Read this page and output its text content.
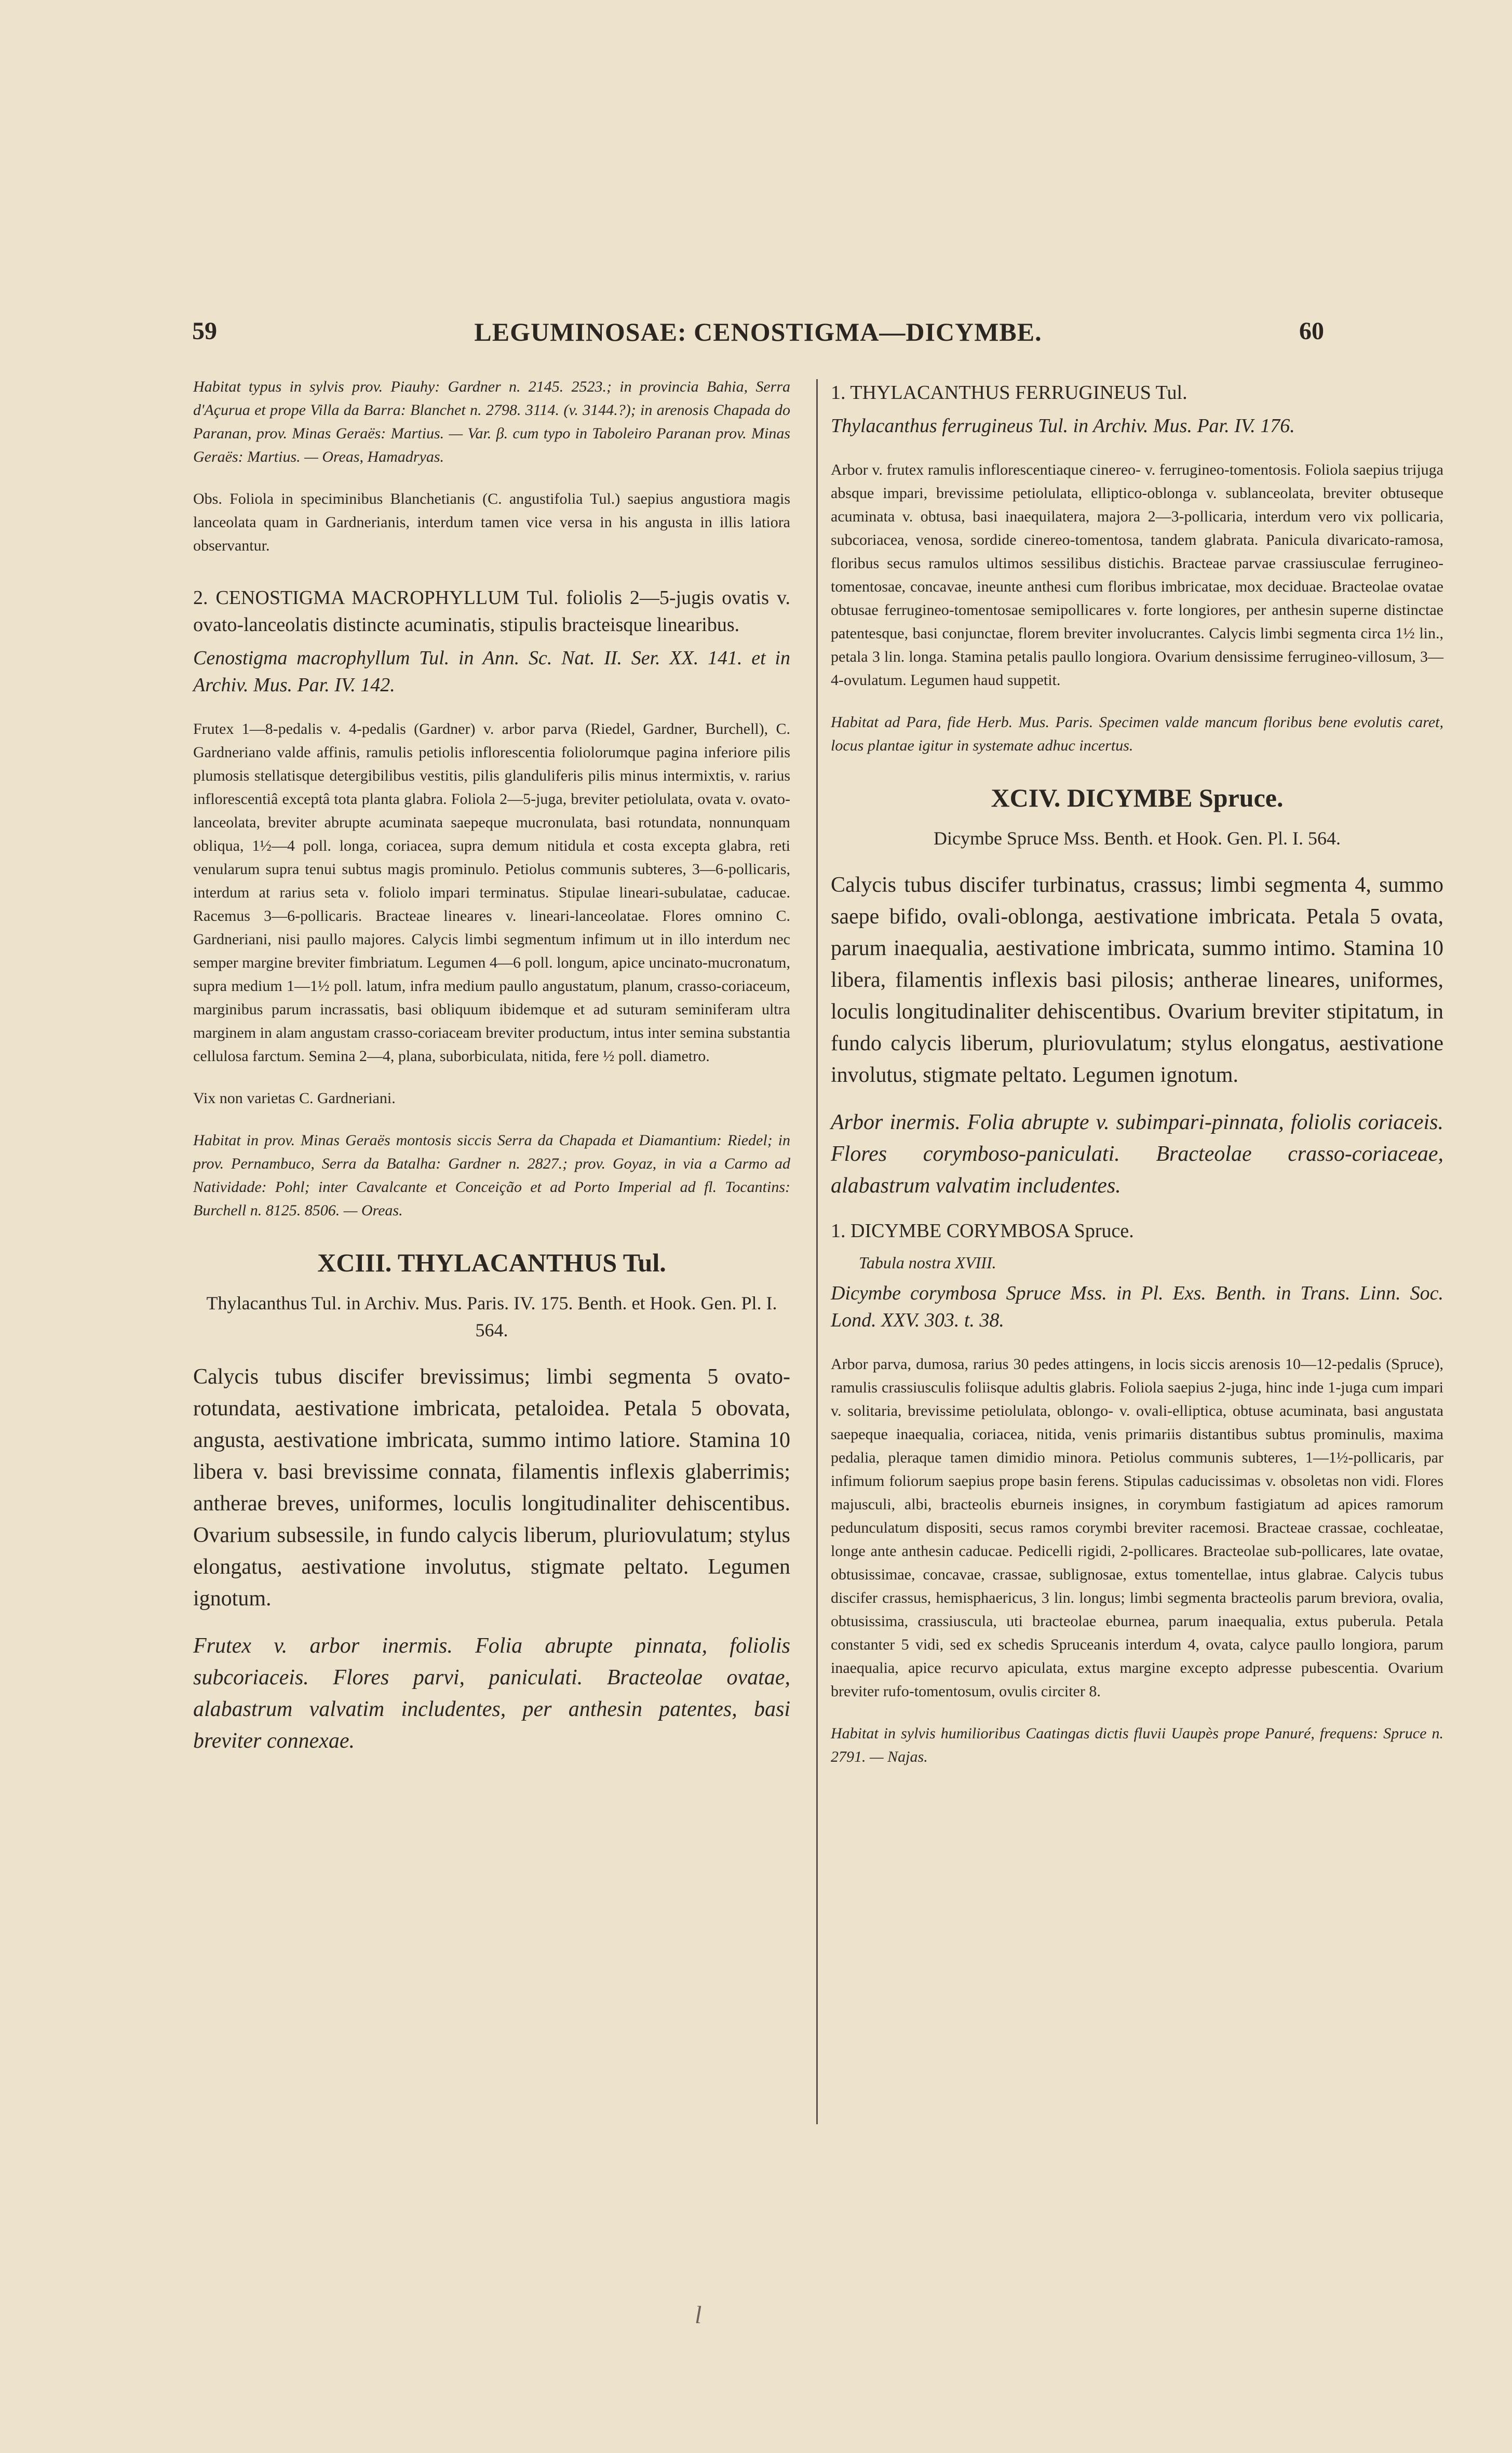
59	LEGUMINOSAE: CENOSTIGMA—DICYMBE.	60

Habitat typus in sylvis prov. Piauhy: Gardner n. 2145. 2523.; in provincia Bahia, Serra d'Açurua et prope Villa da Barra: Blanchet n. 2798. 3114. (v. 3144.?); in arenosis Chapada do Paranan, prov. Minas Geraës: Martius. — Var. β. cum typo in Taboleiro Paranan prov. Minas Geraës: Martius. — Oreas, Hamadryas.

Obs. Foliola in speciminibus Blanchetianis (C. angustifolia Tul.) saepius angustiora magis lanceolata quam in Gardnerianis, interdum tamen vice versa in his angusta in illis latiora observantur.

2. CENOSTIGMA MACROPHYLLUM Tul. foliolis 2—5-jugis ovatis v. ovato-lanceolatis distincte acuminatis, stipulis bracteisque linearibus.

Cenostigma macrophyllum Tul. in Ann. Sc. Nat. II. Ser. XX. 141. et in Archiv. Mus. Par. IV. 142.

Frutex 1—8-pedalis v. 4-pedalis (Gardner) v. arbor parva (Riedel, Gardner, Burchell), C. Gardneriano valde affinis, ramulis petiolis inflorescentia foliolorumque pagina inferiore pilis plumosis stellatisque detergibilibus vestitis, pilis glanduliferis pilis minus intermixtis, v. rarius inflorescentiâ exceptâ tota planta glabra. Foliola 2—5-juga, breviter petiolulata, ovata v. ovato-lanceolata, breviter abrupte acuminata saepeque mucronulata, basi rotundata, nonnunquam obliqua, 1½—4 poll. longa, coriacea, supra demum nitidula et costa excepta glabra, reti venularum supra tenui subtus magis prominulo. Petiolus communis subteres, 3—6-pollicaris, interdum at rarius seta v. foliolo impari terminatus. Stipulae lineari-subulatae, caducae. Racemus 3—6-pollicaris. Bracteae lineares v. lineari-lanceolatae. Flores omnino C. Gardneriani, nisi paullo majores. Calycis limbi segmentum infimum ut in illo interdum nec semper margine breviter fimbriatum. Legumen 4—6 poll. longum, apice uncinato-mucronatum, supra medium 1—1½ poll. latum, infra medium paullo angustatum, planum, crasso-coriaceum, marginibus parum incrassatis, basi obliquum ibidemque et ad suturam seminiferam ultra marginem in alam angustam crasso-coriaceam breviter productum, intus inter semina substantia cellulosa farctum. Semina 2—4, plana, suborbiculata, nitida, fere ½ poll. diametro.

Vix non varietas C. Gardneriani.

Habitat in prov. Minas Geraës montosis siccis Serra da Chapada et Diamantium: Riedel; in prov. Pernambuco, Serra da Batalha: Gardner n. 2827.; prov. Goyaz, in via a Carmo ad Natividade: Pohl; inter Cavalcante et Conceição et ad Porto Imperial ad fl. Tocantins: Burchell n. 8125. 8506. — Oreas.

XCIII. THYLACANTHUS Tul.

Thylacanthus Tul. in Archiv. Mus. Paris. IV. 175. Benth. et Hook. Gen. Pl. I. 564.

Calycis tubus discifer brevissimus; limbi segmenta 5 ovato-rotundata, aestivatione imbricata, petaloidea. Petala 5 obovata, angusta, aestivatione imbricata, summo intimo latiore. Stamina 10 libera v. basi brevissime connata, filamentis inflexis glaberrimis; antherae breves, uniformes, loculis longitudinaliter dehiscentibus. Ovarium subsessile, in fundo calycis liberum, pluriovulatum; stylus elongatus, aestivatione involutus, stigmate peltato. Legumen ignotum.

Frutex v. arbor inermis. Folia abrupte pinnata, foliolis subcoriaceis. Flores parvi, paniculati. Bracteolae ovatae, alabastrum valvatim includentes, per anthesin patentes, basi breviter connexae.

1. THYLACANTHUS FERRUGINEUS Tul.

Thylacanthus ferrugineus Tul. in Archiv. Mus. Par. IV. 176.

Arbor v. frutex ramulis inflorescentiaque cinereo- v. ferrugineo-tomentosis. Foliola saepius trijuga absque impari, brevissime petiolulata, elliptico-oblonga v. sublanceolata, breviter obtuseque acuminata v. obtusa, basi inaequilatera, majora 2—3-pollicaria, interdum vero vix pollicaria, subcoriacea, venosa, sordide cinereo-tomentosa, tandem glabrata. Panicula divaricato-ramosa, floribus secus ramulos ultimos sessilibus distichis. Bracteae parvae crassiusculae ferrugineo-tomentosae, concavae, ineunte anthesi cum floribus imbricatae, mox deciduae. Bracteolae ovatae obtusae ferrugineo-tomentosae semipollicares v. forte longiores, per anthesin superne distinctae patentesque, basi conjunctae, florem breviter involucrantes. Calycis limbi segmenta circa 1½ lin., petala 3 lin. longa. Stamina petalis paullo longiora. Ovarium densissime ferrugineo-villosum, 3—4-ovulatum. Legumen haud suppetit.

Habitat ad Para, fide Herb. Mus. Paris. Specimen valde mancum floribus bene evolutis caret, locus plantae igitur in systemate adhuc incertus.

XCIV. DICYMBE Spruce.

Dicymbe Spruce Mss. Benth. et Hook. Gen. Pl. I. 564.

Calycis tubus discifer turbinatus, crassus; limbi segmenta 4, summo saepe bifido, ovali-oblonga, aestivatione imbricata. Petala 5 ovata, parum inaequalia, aestivatione imbricata, summo intimo. Stamina 10 libera, filamentis inflexis basi pilosis; antherae lineares, uniformes, loculis longitudinaliter dehiscentibus. Ovarium breviter stipitatum, in fundo calycis liberum, pluriovulatum; stylus elongatus, aestivatione involutus, stigmate peltato. Legumen ignotum.

Arbor inermis. Folia abrupte v. subimpari-pinnata, foliolis coriaceis. Flores corymboso-paniculati. Bracteolae crasso-coriaceae, alabastrum valvatim includentes.

1. DICYMBE CORYMBOSA Spruce.

Tabula nostra XVIII.

Dicymbe corymbosa Spruce Mss. in Pl. Exs. Benth. in Trans. Linn. Soc. Lond. XXV. 303. t. 38.

Arbor parva, dumosa, rarius 30 pedes attingens, in locis siccis arenosis 10—12-pedalis (Spruce), ramulis crassiusculis foliisque adultis glabris. Foliola saepius 2-juga, hinc inde 1-juga cum impari v. solitaria, brevissime petiolulata, oblongo- v. ovali-elliptica, obtuse acuminata, basi angustata saepeque inaequalia, coriacea, nitida, venis primariis distantibus subtus prominulis, maxima pedalia, pleraque tamen dimidio minora. Petiolus communis subteres, 1—1½-pollicaris, par infimum foliorum saepius prope basin ferens. Stipulas caducissimas v. obsoletas non vidi. Flores majusculi, albi, bracteolis eburneis insignes, in corymbum fastigiatum ad apices ramorum pedunculatum dispositi, secus ramos corymbi breviter racemosi. Bracteae crassae, cochleatae, longe ante anthesin caducae. Pedicelli rigidi, 2-pollicares. Bracteolae sub-pollicares, late ovatae, obtusissimae, concavae, crassae, sublignosae, extus tomentellae, intus glabrae. Calycis tubus discifer crassus, hemisphaericus, 3 lin. longus; limbi segmenta bracteolis parum breviora, ovalia, obtusissima, crassiuscula, uti bracteolae eburnea, parum inaequalia, extus puberula. Petala constanter 5 vidi, sed ex schedis Spruceanis interdum 4, ovata, calyce paullo longiora, parum inaequalia, apice recurvo apiculata, extus margine excepto adpresse pubescentia. Ovarium breviter rufo-tomentosum, ovulis circiter 8.

Habitat in sylvis humilioribus Caatingas dictis fluvii Uaupès prope Panuré, frequens: Spruce n. 2791. — Najas.

l
